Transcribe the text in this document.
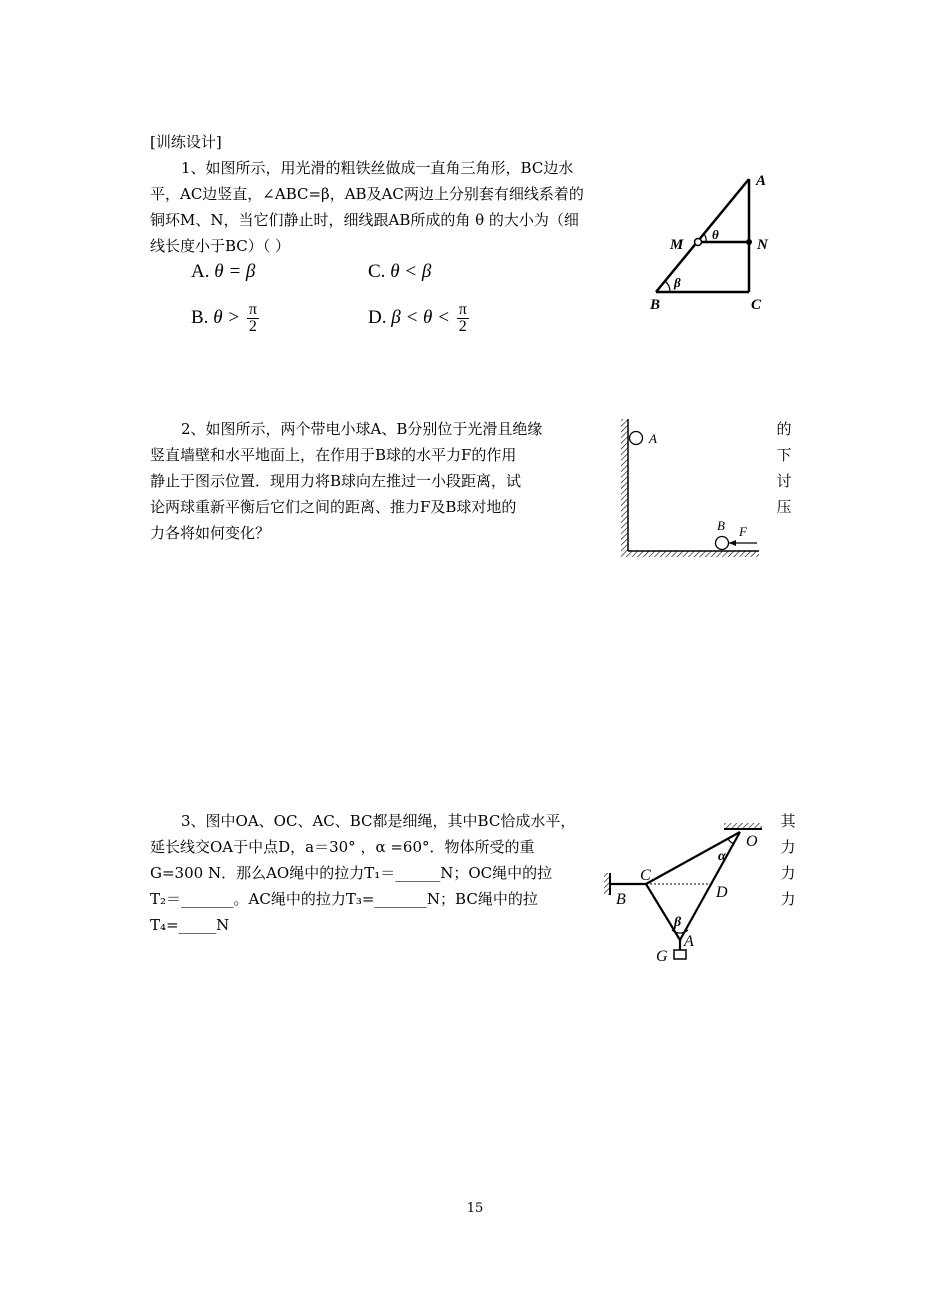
[训练设计]
1、如图所示，用光滑的粗铁丝做成一直角三角形，BC边水
平，AC边竖直，∠ABC=β，AB及AC两边上分别套有细线系着的
铜环M、N，当它们静止时，细线跟AB所成的角 θ 的大小为（细
线长度小于BC）（ ）
A. θ = β	C. θ < β
B. $\theta > \frac{\pi}{2}$	D. $\beta < \theta < \frac{\pi}{2}$
A
M	N
B	C
θ
β
2、如图所示，两个带电小球A、B分别位于光滑且绝缘
竖直墙壁和水平地面上，在作用于B球的水平力F的作用
静止于图示位置．现用力将B球向左推过一小段距离，试
论两球重新平衡后它们之间的距离、推力F及B球对地的
力各将如何变化？
的
下
讨
压
A
B F
3、图中OA、OC、AC、BC都是细绳，其中BC恰成水平，
延长线交OA于中点D，a＝30° ，α =60°．物体所受的重
G=300 N．那么AO绳中的拉力T₁＝______N；OC绳中的拉
T₂＝_______。AC绳中的拉力T₃=_______N；BC绳中的拉
T₄=_____N
其
力
力
力
O
α
C
D
B
β
A
G
15
